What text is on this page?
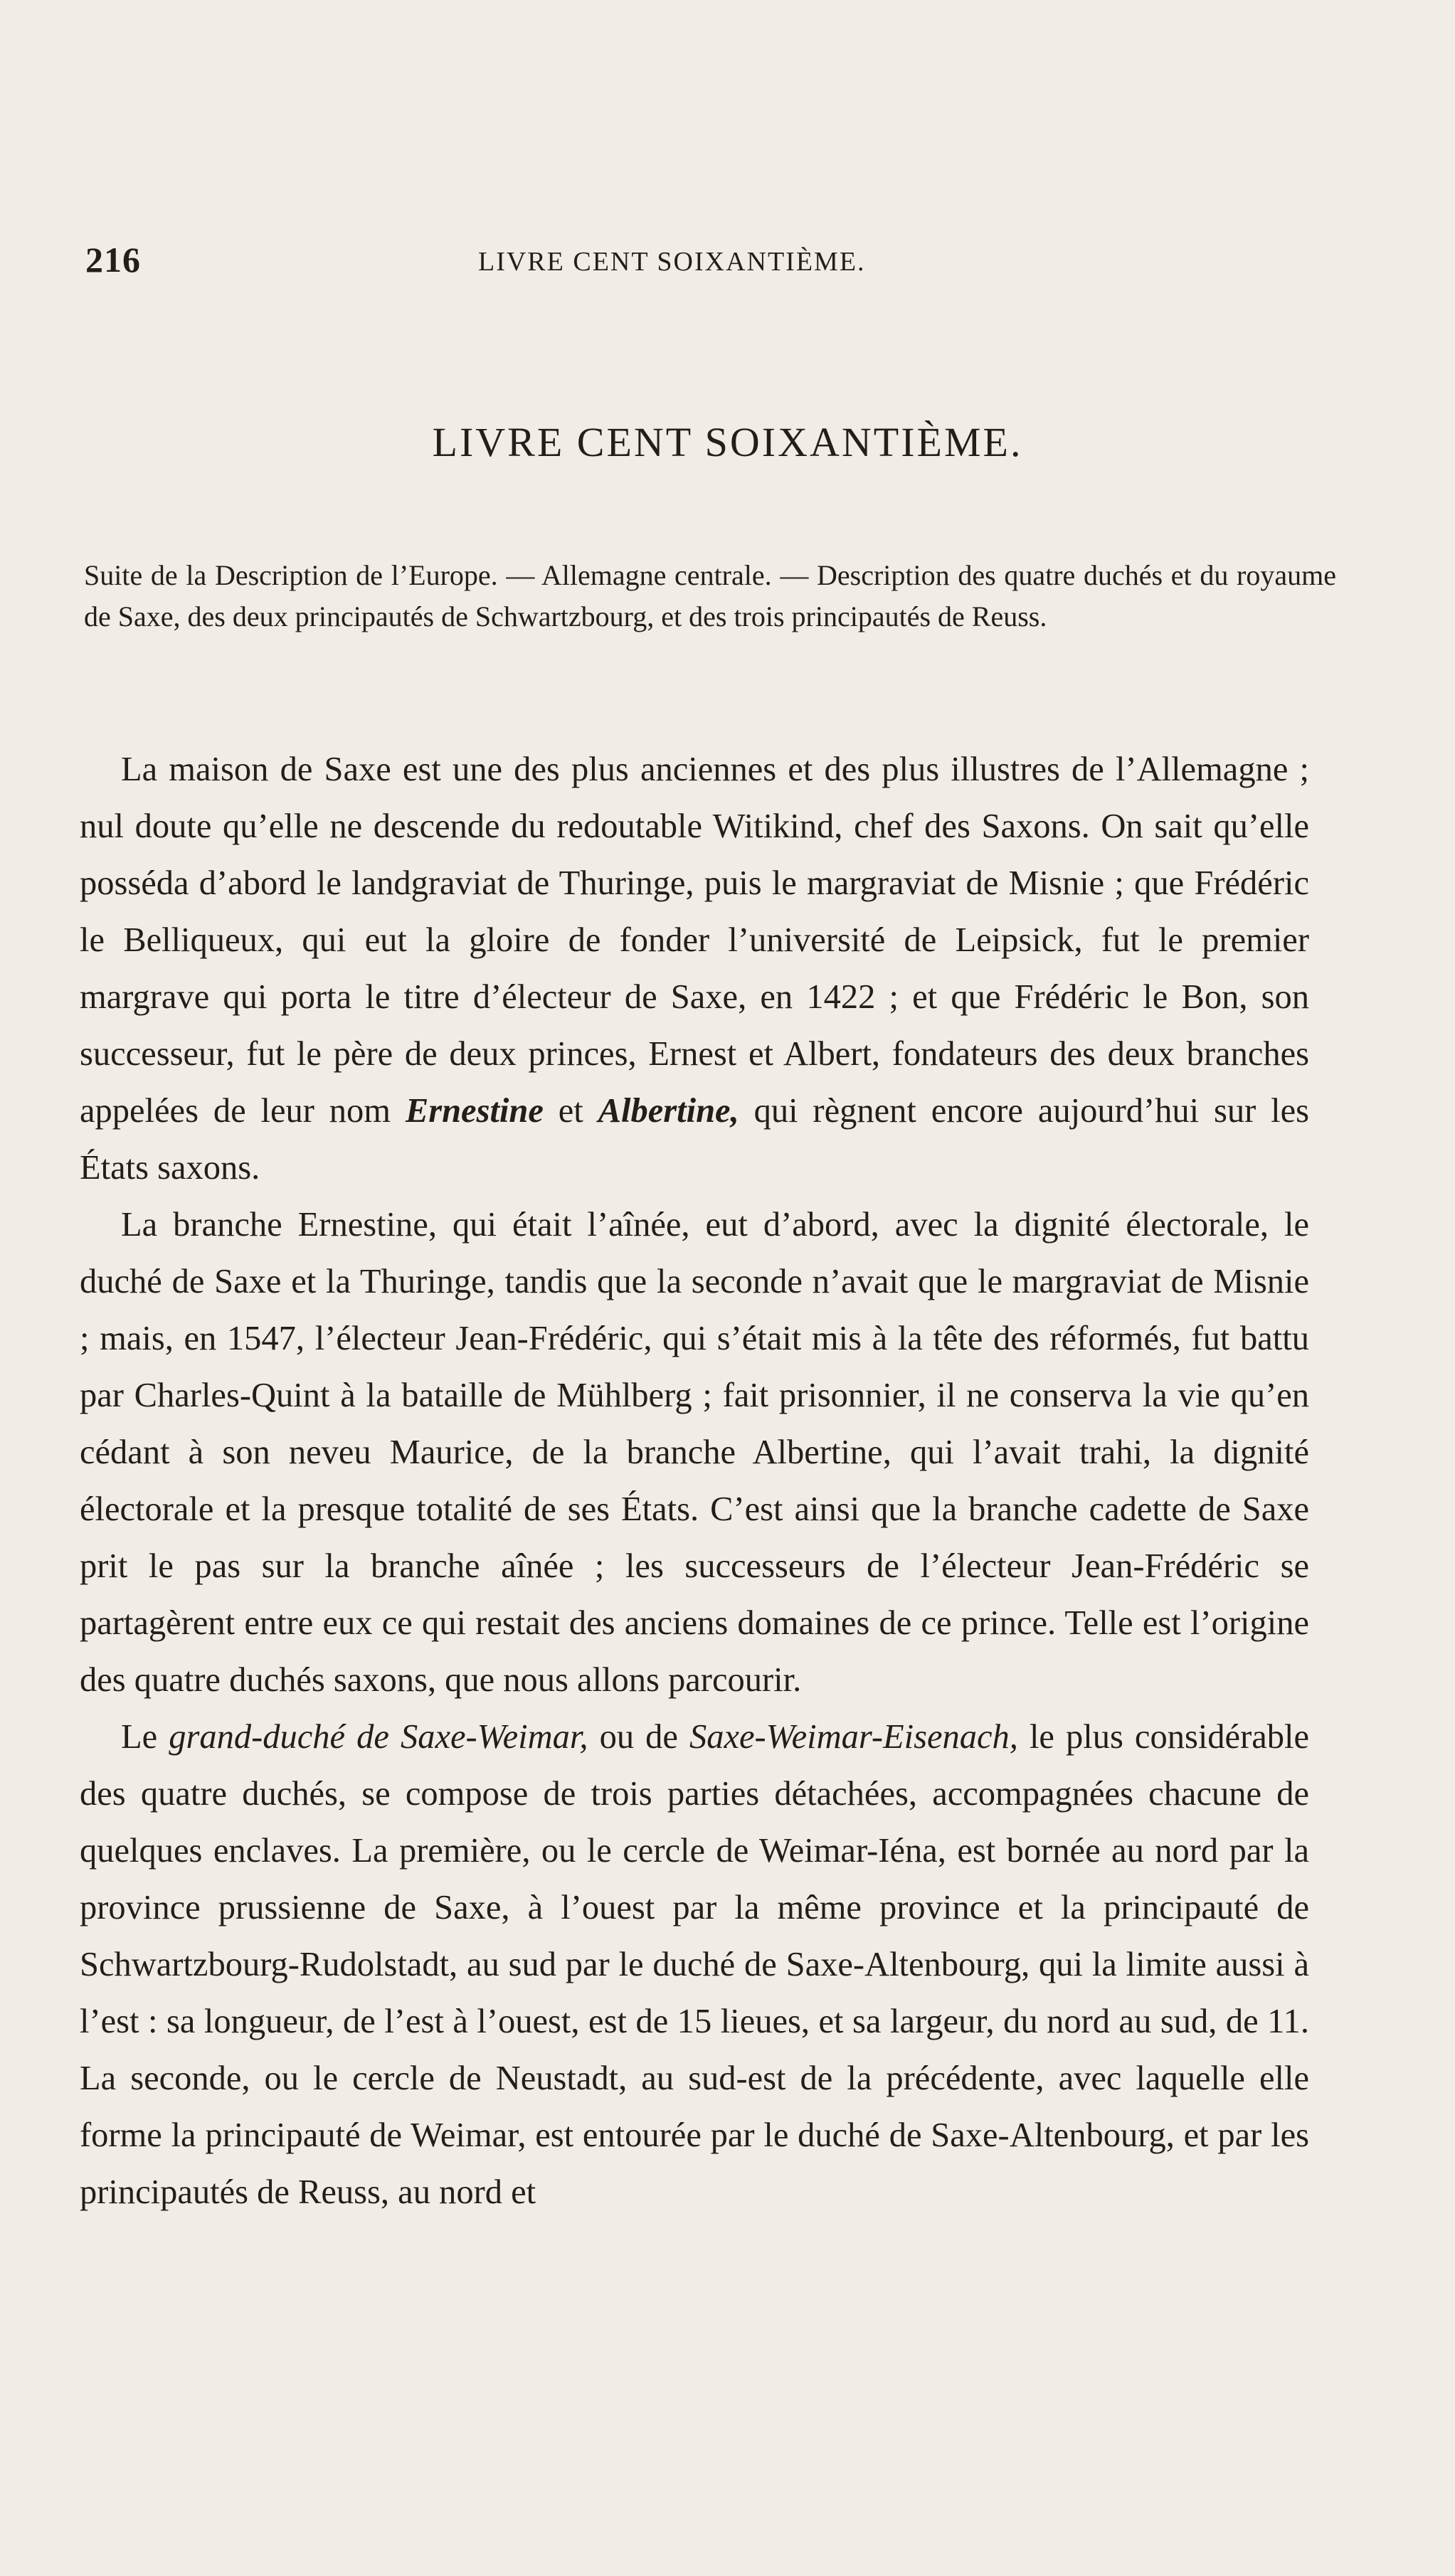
216	LIVRE CENT SOIXANTIÈME.
LIVRE CENT SOIXANTIÈME.
Suite de la Description de l’Europe. — Allemagne centrale. — Description des quatre duchés et du royaume de Saxe, des deux principautés de Schwartzbourg, et des trois principautés de Reuss.

La maison de Saxe est une des plus anciennes et des plus illustres de l’Allemagne ; nul doute qu’elle ne descende du redoutable Witikind, chef des Saxons. On sait qu’elle posséda d’abord le landgraviat de Thuringe, puis le margraviat de Misnie ; que Frédéric le Belliqueux, qui eut la gloire de fonder l’université de Leipsick, fut le premier margrave qui porta le titre d’électeur de Saxe, en 1422 ; et que Frédéric le Bon, son successeur, fut le père de deux princes, Ernest et Albert, fondateurs des deux branches appelées de leur nom Ernestine et Albertine, qui règnent encore aujourd’hui sur les États saxons.

La branche Ernestine, qui était l’aînée, eut d’abord, avec la dignité électorale, le duché de Saxe et la Thuringe, tandis que la seconde n’avait que le margraviat de Misnie ; mais, en 1547, l’électeur Jean-Frédéric, qui s’était mis à la tête des réformés, fut battu par Charles-Quint à la bataille de Mühlberg ; fait prisonnier, il ne conserva la vie qu’en cédant à son neveu Maurice, de la branche Albertine, qui l’avait trahi, la dignité électorale et la presque totalité de ses États. C’est ainsi que la branche cadette de Saxe prit le pas sur la branche aînée ; les successeurs de l’électeur Jean-Frédéric se partagèrent entre eux ce qui restait des anciens domaines de ce prince. Telle est l’origine des quatre duchés saxons, que nous allons parcourir.

Le grand-duché de Saxe-Weimar, ou de Saxe-Weimar-Eisenach, le plus considérable des quatre duchés, se compose de trois parties détachées, accompagnées chacune de quelques enclaves. La première, ou le cercle de Weimar-Iéna, est bornée au nord par la province prussienne de Saxe, à l’ouest par la même province et la principauté de Schwartzbourg-Rudolstadt, au sud par le duché de Saxe-Altenbourg, qui la limite aussi à l’est : sa longueur, de l’est à l’ouest, est de 15 lieues, et sa largeur, du nord au sud, de 11. La seconde, ou le cercle de Neustadt, au sud-est de la précédente, avec laquelle elle forme la principauté de Weimar, est entourée par le duché de Saxe-Altenbourg, et par les principautés de Reuss, au nord et
